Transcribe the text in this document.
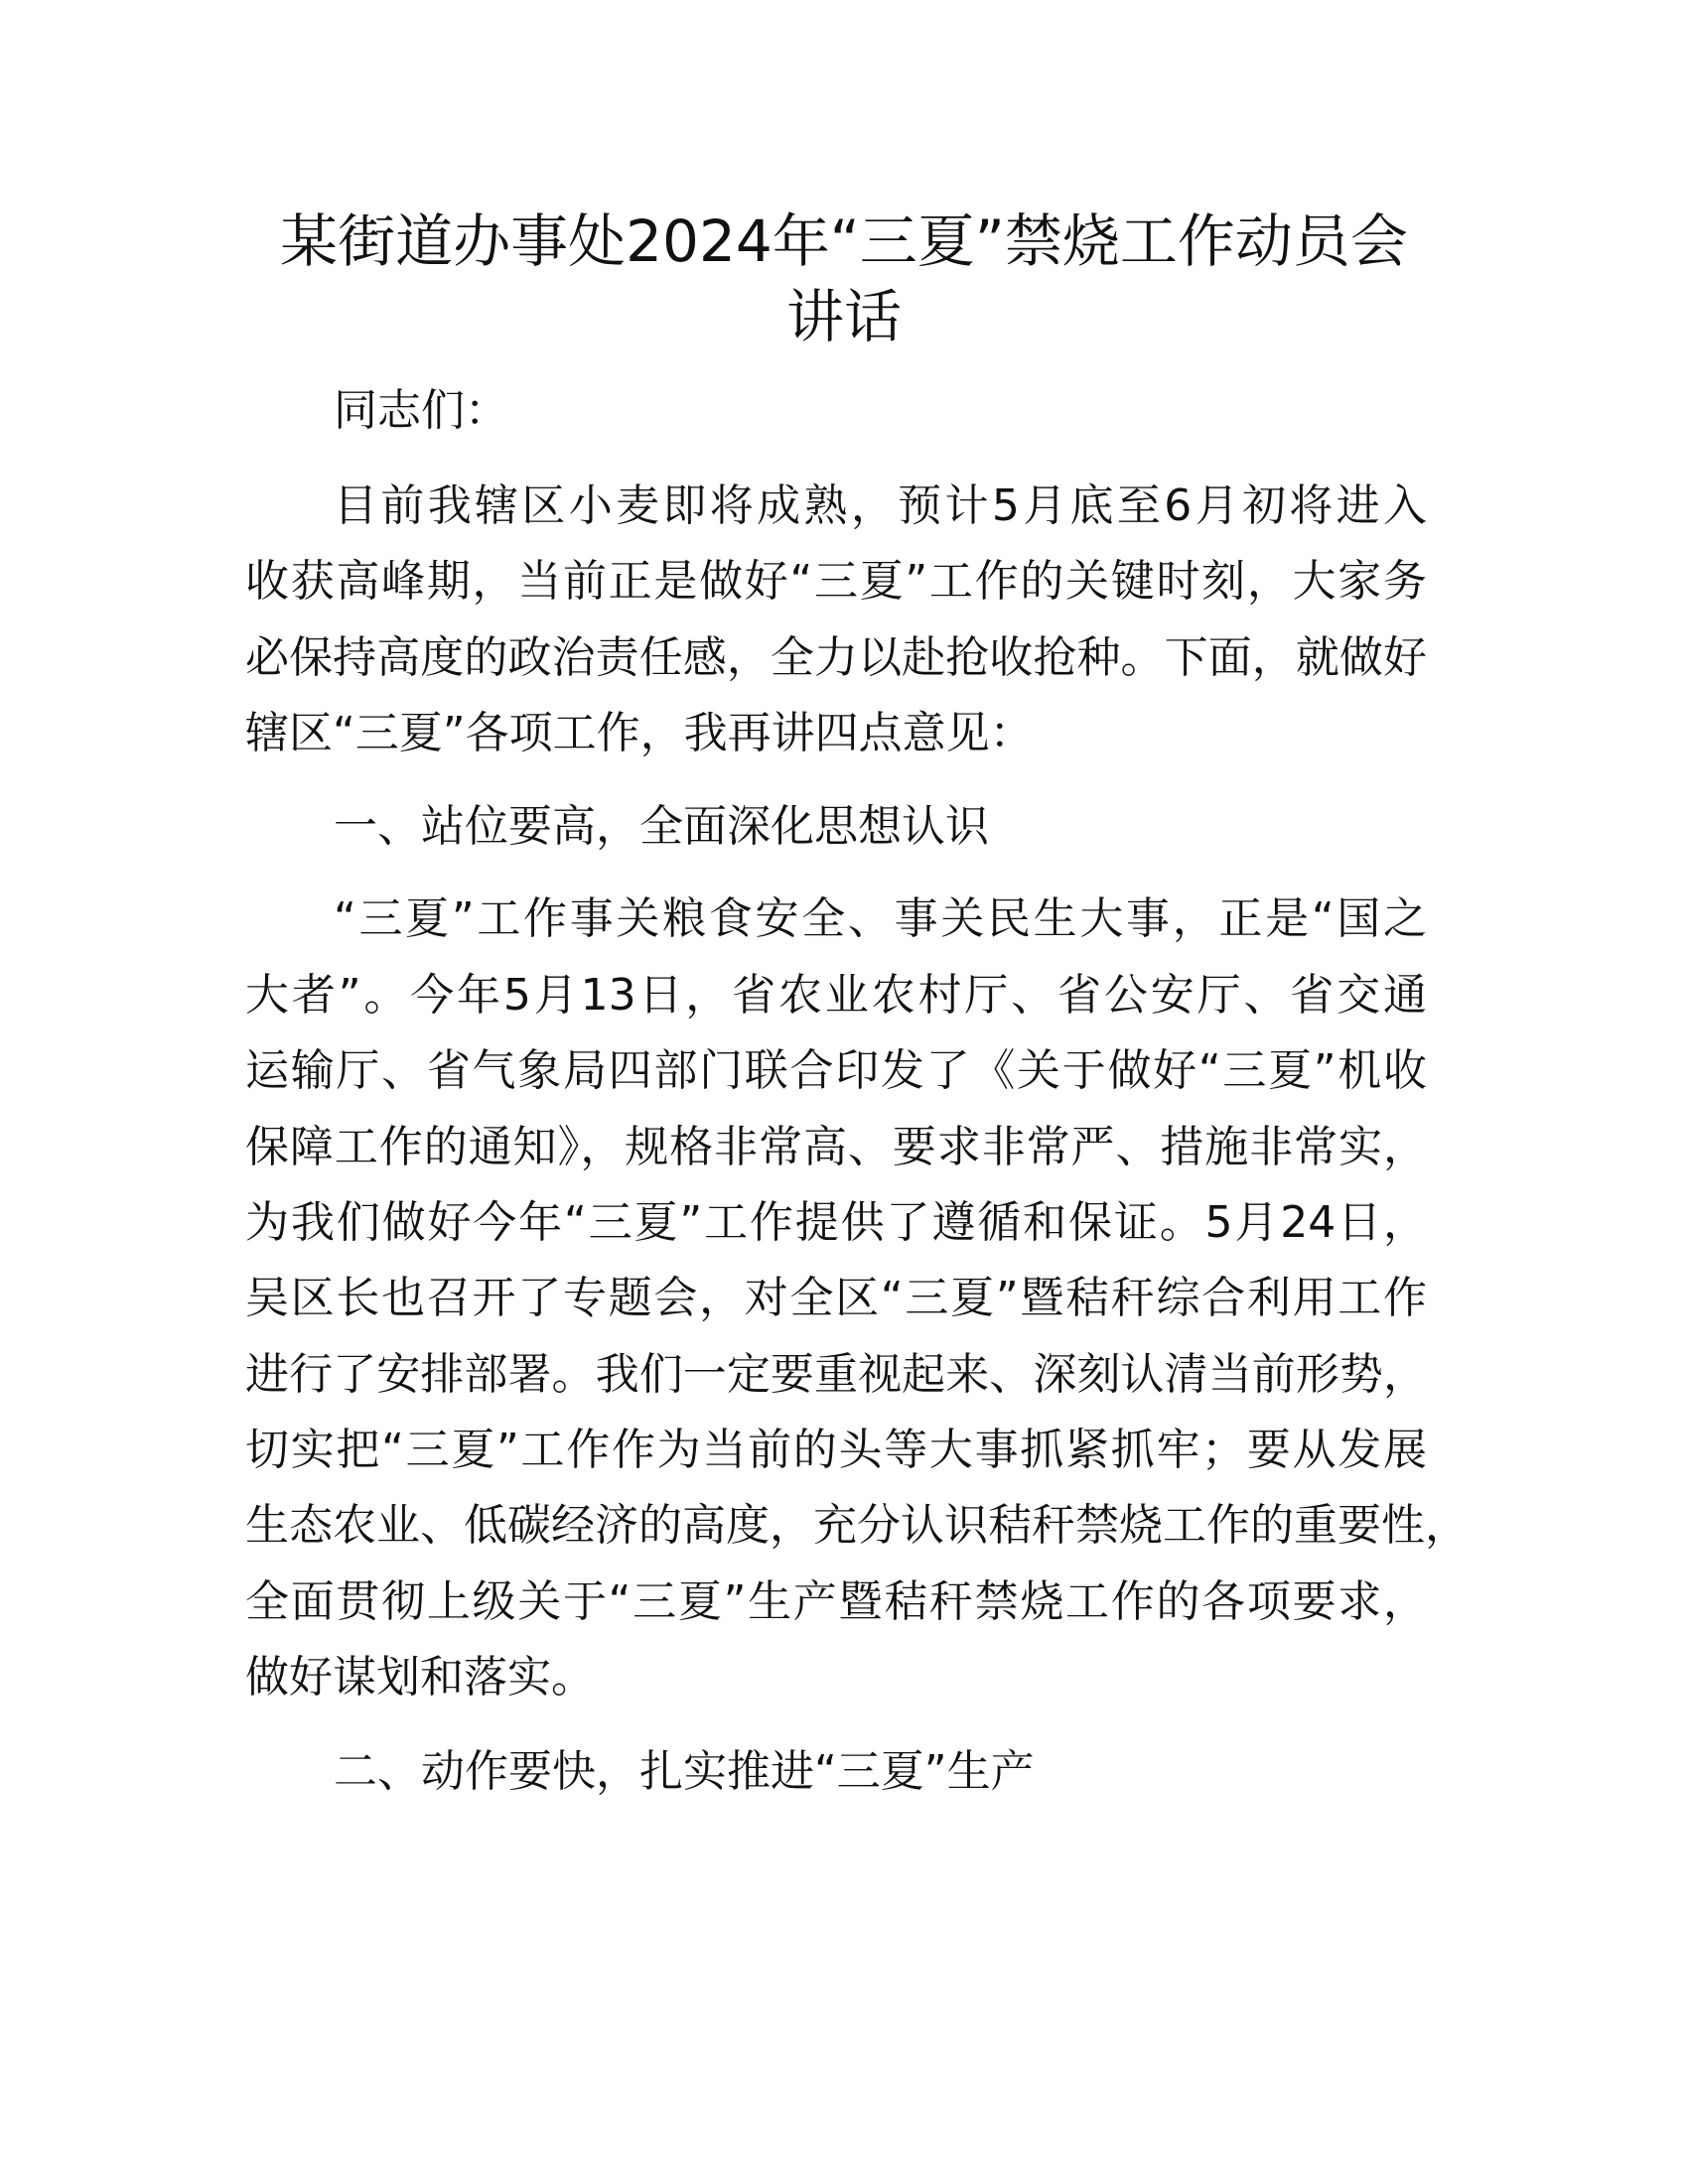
某街道办事处2024年“三夏”禁烧工作动员会
讲话
同志们：
目前我辖区小麦即将成熟，预计5月底至6月初将进入
收获高峰期，当前正是做好“三夏”工作的关键时刻，大家务
必保持高度的政治责任感，全力以赴抢收抢种。下面，就做好
辖区“三夏”各项工作，我再讲四点意见：
一、站位要高，全面深化思想认识
“三夏”工作事关粮食安全、事关民生大事，正是“国之
大者”。今年5月13日，省农业农村厅、省公安厅、省交通
运输厅、省气象局四部门联合印发了《关于做好“三夏”机收
保障工作的通知》，规格非常高、要求非常严、措施非常实，
为我们做好今年“三夏”工作提供了遵循和保证。5月24日，
吴区长也召开了专题会，对全区“三夏”暨秸秆综合利用工作
进行了安排部署。我们一定要重视起来、深刻认清当前形势，
切实把“三夏”工作作为当前的头等大事抓紧抓牢；要从发展
生态农业、低碳经济的高度，充分认识秸秆禁烧工作的重要性，
全面贯彻上级关于“三夏”生产暨秸秆禁烧工作的各项要求，
做好谋划和落实。
二、动作要快，扎实推进“三夏”生产
